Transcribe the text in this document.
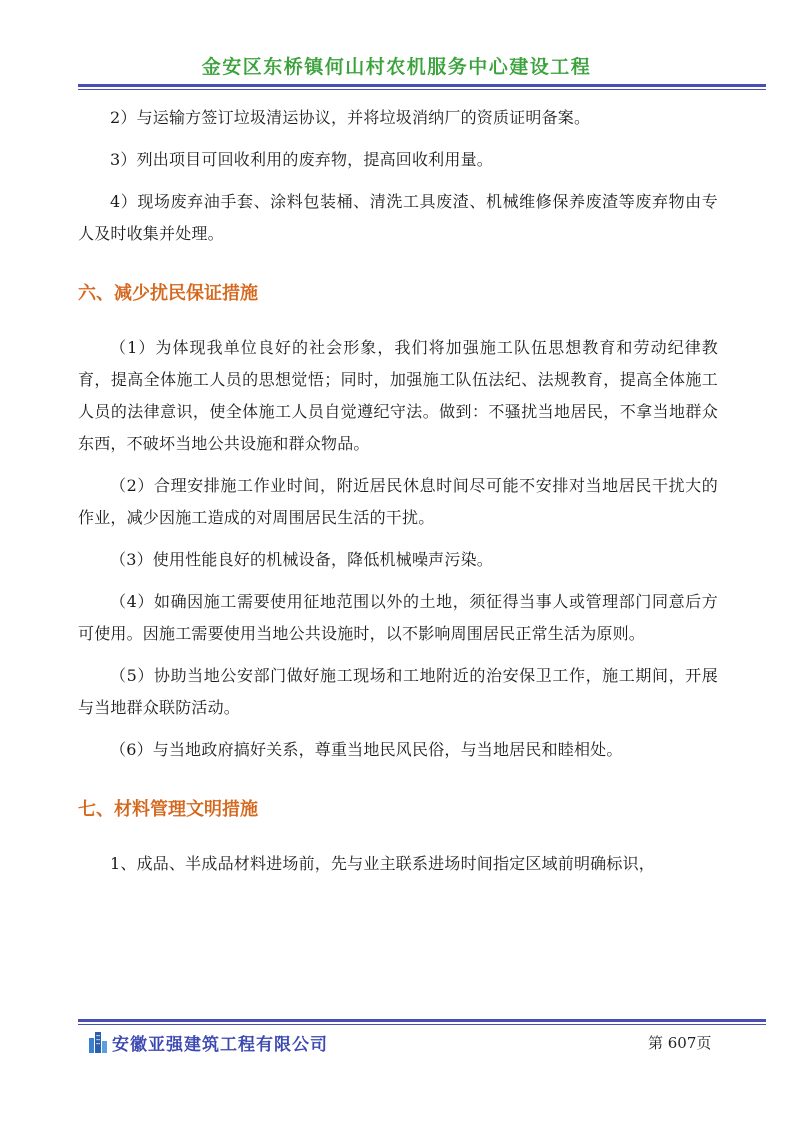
金安区东桥镇何山村农机服务中心建设工程

2）与运输方签订垃圾清运协议，并将垃圾消纳厂的资质证明备案。

3）列出项目可回收利用的废弃物，提高回收利用量。

4）现场废弃油手套、涂料包装桶、清洗工具废渣、机械维修保养废渣等废弃物由专人及时收集并处理。

六、减少扰民保证措施

（1）为体现我单位良好的社会形象，我们将加强施工队伍思想教育和劳动纪律教育，提高全体施工人员的思想觉悟；同时，加强施工队伍法纪、法规教育，提高全体施工人员的法律意识，使全体施工人员自觉遵纪守法。做到：不骚扰当地居民，不拿当地群众东西，不破坏当地公共设施和群众物品。

（2）合理安排施工作业时间，附近居民休息时间尽可能不安排对当地居民干扰大的作业，减少因施工造成的对周围居民生活的干扰。

（3）使用性能良好的机械设备，降低机械噪声污染。

（4）如确因施工需要使用征地范围以外的土地，须征得当事人或管理部门同意后方可使用。因施工需要使用当地公共设施时，以不影响周围居民正常生活为原则。

（5）协助当地公安部门做好施工现场和工地附近的治安保卫工作，施工期间，开展与当地群众联防活动。

（6）与当地政府搞好关系，尊重当地民风民俗，与当地居民和睦相处。

七、材料管理文明措施

1、成品、半成品材料进场前，先与业主联系进场时间指定区域前明确标识，

安徽亚强建筑工程有限公司	第 607页
